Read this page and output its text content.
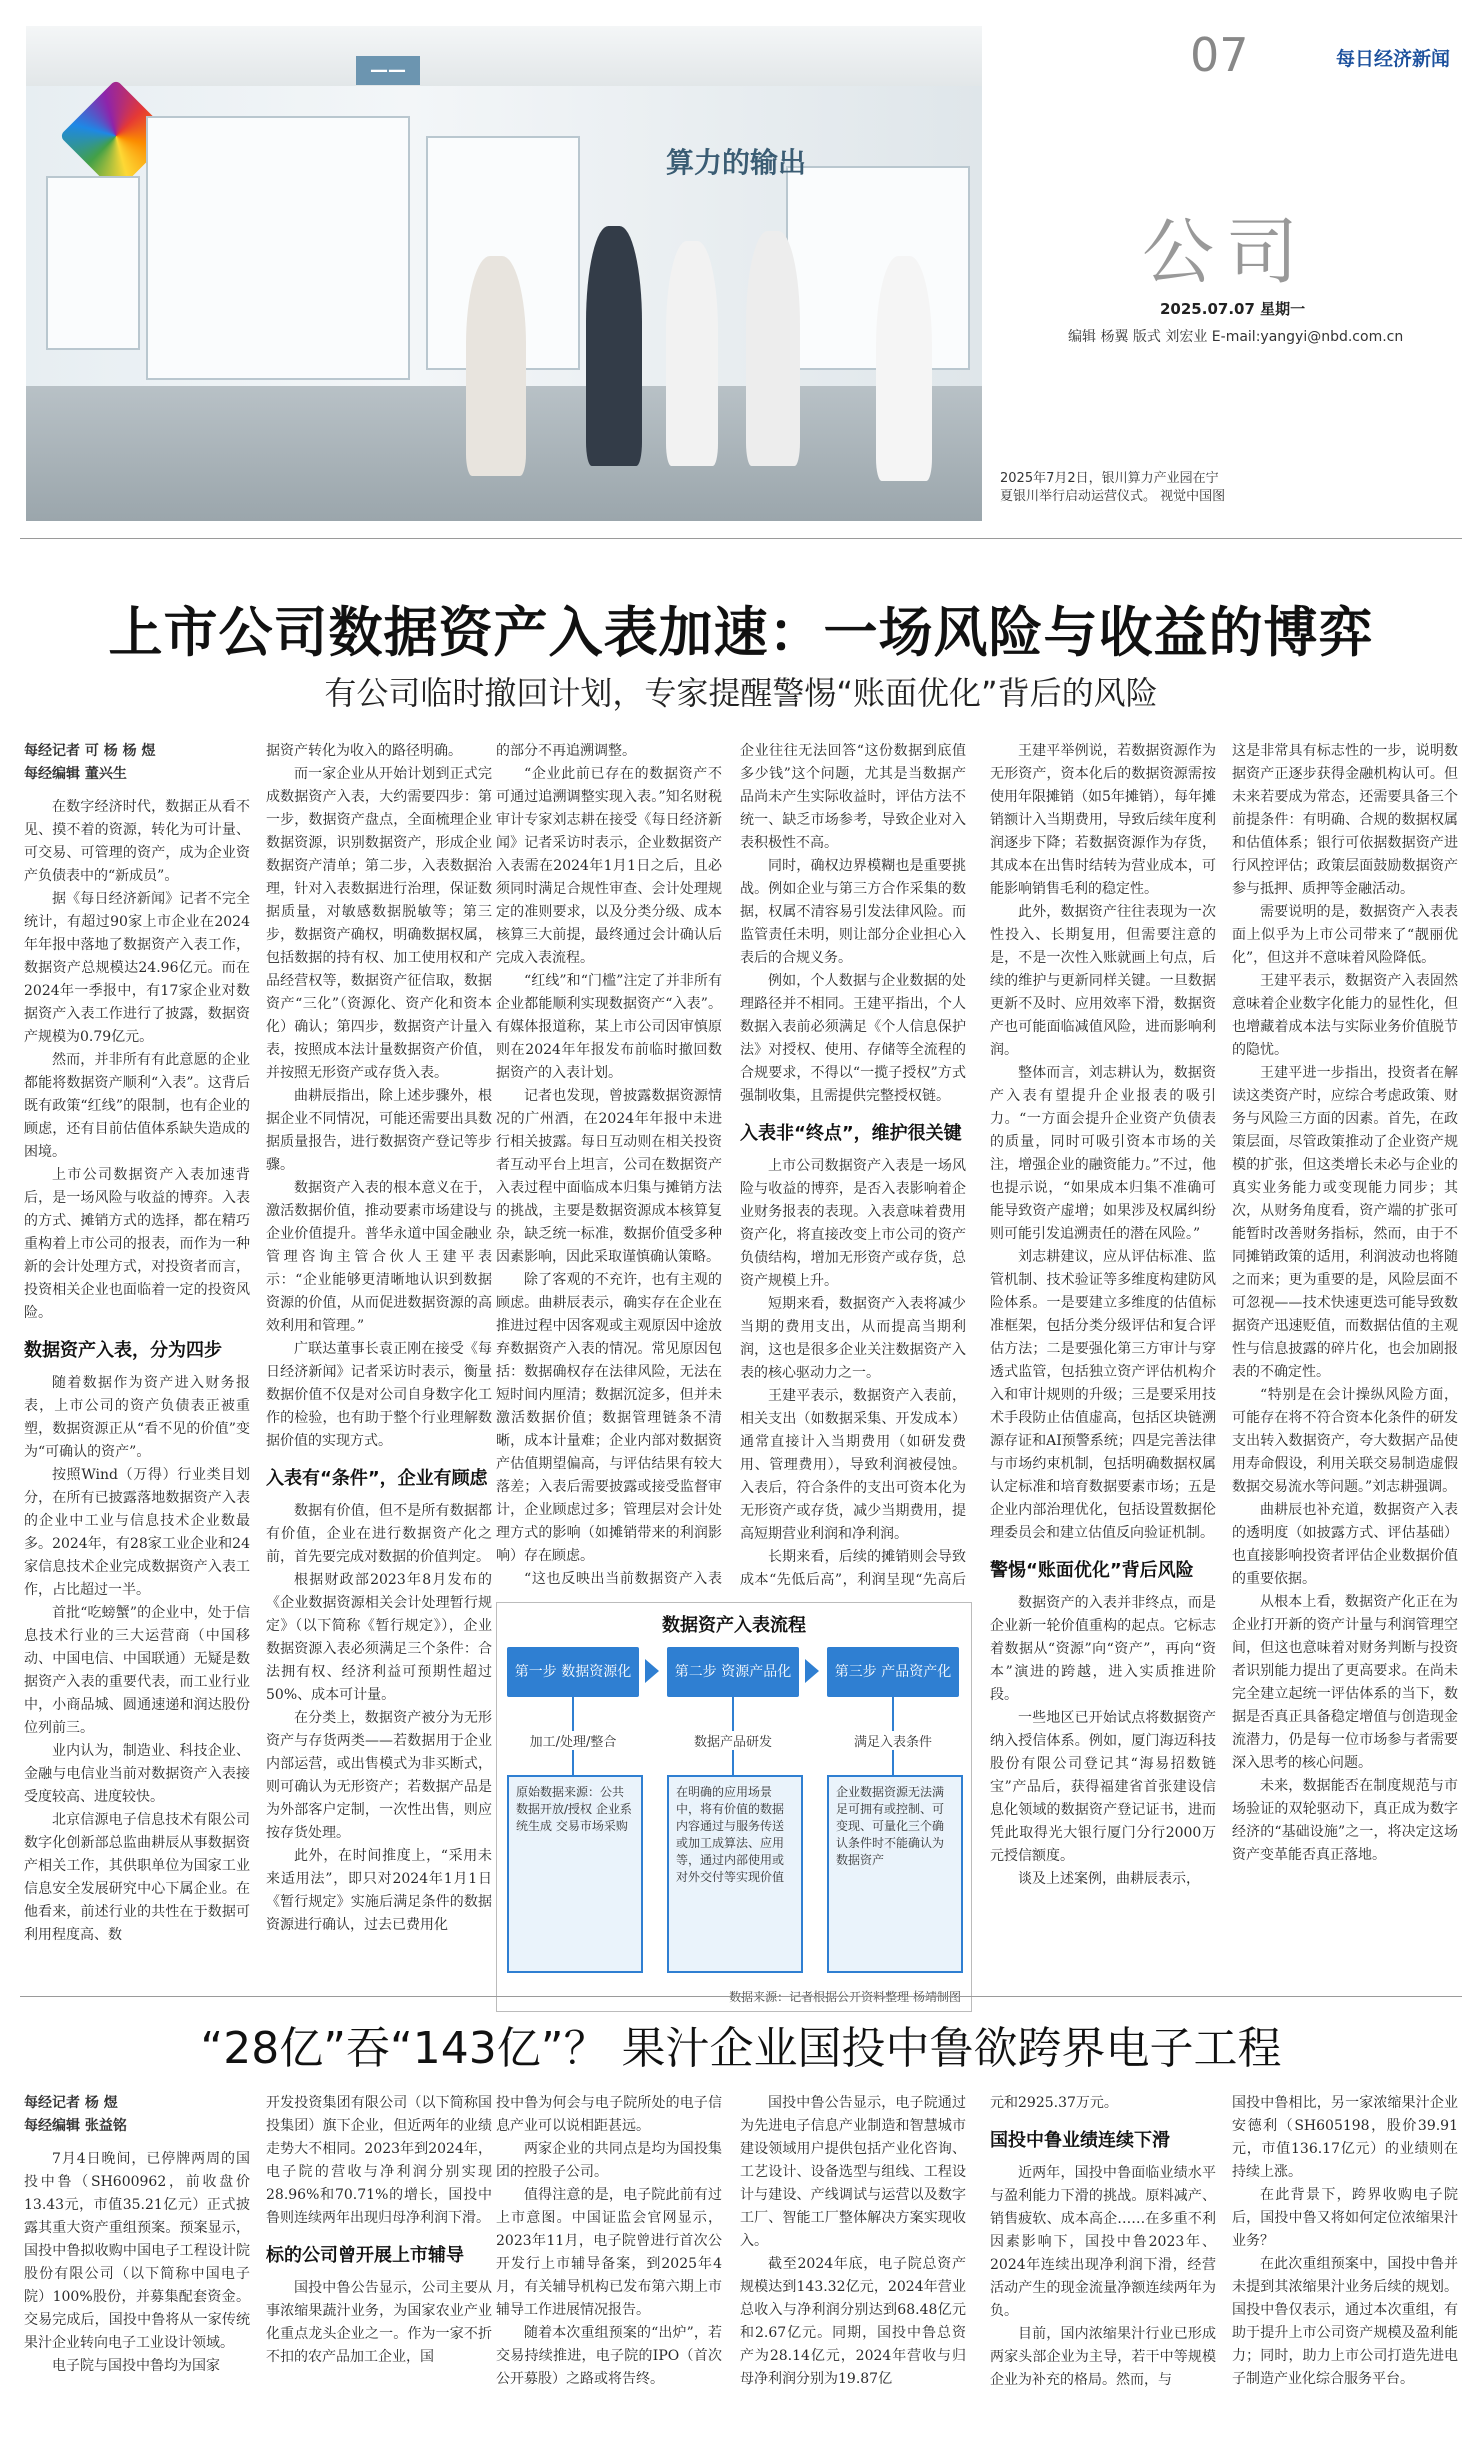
——
算力的输出
07	每日经济新闻
公司
2025.07.07 星期一
编辑 杨翼 版式 刘宏业 E-mail:yangyi@nbd.com.cn
2025年7月2日，银川算力产业园在宁夏银川举行启动运营仪式。 视觉中国图
上市公司数据资产入表加速：一场风险与收益的博弈
有公司临时撤回计划，专家提醒警惕“账面优化”背后的风险

每经记者 可 杨 杨 煜

每经编辑 董兴生

在数字经济时代，数据正从看不见、摸不着的资源，转化为可计量、可交易、可管理的资产，成为企业资产负债表中的“新成员”。

据《每日经济新闻》记者不完全统计，有超过90家上市企业在2024年年报中落地了数据资产入表工作，数据资产总规模达24.96亿元。而在2024年一季报中，有17家企业对数据资产入表工作进行了披露，数据资产规模为0.79亿元。

然而，并非所有有此意愿的企业都能将数据资产顺利“入表”。这背后既有政策“红线”的限制，也有企业的顾虑，还有目前估值体系缺失造成的困境。

上市公司数据资产入表加速背后，是一场风险与收益的博弈。入表的方式、摊销方式的选择，都在精巧重构着上市公司的报表，而作为一种新的会计处理方式，对投资者而言，投资相关企业也面临着一定的投资风险。

数据资产入表，分为四步

随着数据作为资产进入财务报表，上市公司的资产负债表正被重塑，数据资源正从“看不见的价值”变为“可确认的资产”。

按照Wind（万得）行业类目划分，在所有已披露落地数据资产入表的企业中工业与信息技术企业数最多。2024年，有28家工业企业和24家信息技术企业完成数据资产入表工作，占比超过一半。

首批“吃螃蟹”的企业中，处于信息技术行业的三大运营商（中国移动、中国电信、中国联通）无疑是数据资产入表的重要代表，而工业行业中，小商品城、圆通速递和润达股份位列前三。

业内认为，制造业、科技企业、金融与电信业当前对数据资产入表接受度较高、进度较快。

北京信源电子信息技术有限公司数字化创新部总监曲耕辰从事数据资产相关工作，其供职单位为国家工业信息安全发展研究中心下属企业。在他看来，前述行业的共性在于数据可利用程度高、数

据资产转化为收入的路径明确。

而一家企业从开始计划到正式完成数据资产入表，大约需要四步：第一步，数据资产盘点，全面梳理企业数据资源，识别数据资产，形成企业数据资产清单；第二步，入表数据治理，针对入表数据进行治理，保证数据质量，对敏感数据脱敏等；第三步，数据资产确权，明确数据权属，包括数据的持有权、加工使用权和产品经营权等，数据资产征信取，数据资产“三化”（资源化、资产化和资本化）确认；第四步，数据资产计量入表，按照成本法计量数据资产价值，并按照无形资产或存货入表。

曲耕辰指出，除上述步骤外，根据企业不同情况，可能还需要出具数据质量报告，进行数据资产登记等步骤。

数据资产入表的根本意义在于，激活数据价值，推动要素市场建设与企业价值提升。普华永道中国金融业管理咨询主管合伙人王建平表示：“企业能够更清晰地认识到数据资源的价值，从而促进数据资源的高效利用和管理。”

广联达董事长袁正刚在接受《每日经济新闻》记者采访时表示，衡量数据价值不仅是对公司自身数字化工作的检验，也有助于整个行业理解数据价值的实现方式。

入表有“条件”，企业有顾虑

数据有价值，但不是所有数据都有价值，企业在进行数据资产化之前，首先要完成对数据的价值判定。

根据财政部2023年8月发布的《企业数据资源相关会计处理暂行规定》（以下简称《暂行规定》），企业数据资源入表必须满足三个条件：合法拥有权、经济利益可预期性超过50%、成本可计量。

在分类上，数据资产被分为无形资产与存货两类——若数据用于企业内部运营，或出售模式为非买断式，则可确认为无形资产；若数据产品是为外部客户定制，一次性出售，则应按存货处理。

此外，在时间推度上，“采用未来适用法”，即只对2024年1月1日《暂行规定》实施后满足条件的数据资源进行确认，过去已费用化

的部分不再追溯调整。

“企业此前已存在的数据资产不可通过追溯调整实现入表。”知名财税审计专家刘志耕在接受《每日经济新闻》记者采访时表示，企业数据资产入表需在2024年1月1日之后，且必须同时满足合规性审查、会计处理规定的准则要求，以及分类分级、成本核算三大前提，最终通过会计确认后完成入表流程。

“红线”和“门槛”注定了并非所有企业都能顺利实现数据资产“入表”。有媒体报道称，某上市公司因审慎原则在2024年年报发布前临时撤回数据资产的入表计划。

记者也发现，曾披露数据资源情况的广州酒，在2024年年报中未进行相关披露。每日互动则在相关投资者互动平台上坦言，公司在数据资产入表过程中面临成本归集与摊销方法的挑战，主要是数据资源成本核算复杂，缺乏统一标准，数据价值受多种因素影响，因此采取谨慎确认策略。

除了客观的不充许，也有主观的顾虑。曲耕辰表示，确实存在企业在推进过程中因客观或主观原因中途放弃数据资产入表的情况。常见原因包括：数据确权存在法律风险，无法在短时间内厘清；数据沉淀多，但并未激活数据价值；数据管理链条不清晰，成本计量难；企业内部对数据资产估值期望偏高，与评估结果有较大落差；入表后需要披露或接受监督审计，企业顾虑过多；管理层对会计处理方式的影响（如摊销带来的利润影响）存在顾虑。

“这也反映出当前数据资产入表

企业往往无法回答“这份数据到底值多少钱”这个问题，尤其是当数据产品尚未产生实际收益时，评估方法不统一、缺乏市场参考，导致企业对入表积极性不高。

同时，确权边界模糊也是重要挑战。例如企业与第三方合作采集的数据，权属不清容易引发法律风险。而监管责任未明，则让部分企业担心入表后的合规义务。

例如，个人数据与企业数据的处理路径并不相同。王建平指出，个人数据入表前必须满足《个人信息保护法》对授权、使用、存储等全流程的合规要求，不得以“一揽子授权”方式强制收集，且需提供完整授权链。

入表非“终点”，维护很关键

上市公司数据资产入表是一场风险与收益的博弈，是否入表影响着企业财务报表的表现。入表意味着费用资产化，将直接改变上市公司的资产负债结构，增加无形资产或存货，总资产规模上升。

短期来看，数据资产入表将减少当期的费用支出，从而提高当期利润，这也是很多企业关注数据资产入表的核心驱动力之一。

王建平表示，数据资产入表前，相关支出（如数据采集、开发成本）通常直接计入当期费用（如研发费用、管理费用），导致利润被侵蚀。入表后，符合条件的支出可资本化为无形资产或存货，减少当期费用，提高短期营业利润和净利润。

长期来看，后续的摊销则会导致成本“先低后高”，利润呈现“先高后

王建平举例说，若数据资源作为无形资产，资本化后的数据资源需按使用年限摊销（如5年摊销），每年摊销额计入当期费用，导致后续年度利润逐步下降；若数据资源作为存货，其成本在出售时结转为营业成本，可能影响销售毛利的稳定性。

此外，数据资产往往表现为一次性投入、长期复用，但需要注意的是，不是一次性入账就画上句点，后续的维护与更新同样关键。一旦数据更新不及时、应用效率下滑，数据资产也可能面临减值风险，进而影响利润。

整体而言，刘志耕认为，数据资产入表有望提升企业报表的吸引力。“一方面会提升企业资产负债表的质量，同时可吸引资本市场的关注，增强企业的融资能力。”不过，他也提示说，“如果成本归集不准确可能导致资产虚增；如果涉及权属纠纷则可能引发追溯责任的潜在风险。”

刘志耕建议，应从评估标准、监管机制、技术验证等多维度构建防风险体系。一是要建立多维度的估值标准框架，包括分类分级评估和复合评估方法；二是要强化第三方审计与穿透式监管，包括独立资产评估机构介入和审计规则的升级；三是要采用技术手段防止估值虚高，包括区块链溯源存证和AI预警系统；四是完善法律与市场约束机制，包括明确数据权属认定标准和培育数据要素市场；五是企业内部治理优化，包括设置数据伦理委员会和建立估值反向验证机制。

警惕“账面优化”背后风险

数据资产的入表并非终点，而是企业新一轮价值重构的起点。它标志着数据从“资源”向“资产”，再向“资本”演进的跨越，进入实质推进阶段。

一些地区已开始试点将数据资产纳入授信体系。例如，厦门海迈科技股份有限公司登记其“海易招数链宝”产品后，获得福建省首张建设信息化领域的数据资产登记证书，进而凭此取得光大银行厦门分行2000万元授信额度。

谈及上述案例，曲耕辰表示，

这是非常具有标志性的一步，说明数据资产正逐步获得金融机构认可。但未来若要成为常态，还需要具备三个前提条件：有明确、合规的数据权属和估值体系；银行可依据数据资产进行风控评估；政策层面鼓励数据资产参与抵押、质押等金融活动。

需要说明的是，数据资产入表表面上似乎为上市公司带来了“靓丽优化”，但这并不意味着风险降低。

王建平表示，数据资产入表固然意味着企业数字化能力的显性化，但也增藏着成本法与实际业务价值脱节的隐忧。

王建平进一步指出，投资者在解读这类资产时，应综合考虑政策、财务与风险三方面的因素。首先，在政策层面，尽管政策推动了企业资产规模的扩张，但这类增长未必与企业的真实业务能力或变现能力同步；其次，从财务角度看，资产端的扩张可能暂时改善财务指标，然而，由于不同摊销政策的适用，利润波动也将随之而来；更为重要的是，风险层面不可忽视——技术快速更迭可能导致数据资产迅速贬值，而数据估值的主观性与信息披露的碎片化，也会加剧报表的不确定性。

“特别是在会计操纵风险方面，可能存在将不符合资本化条件的研发支出转入数据资产，夸大数据产品使用寿命假设，利用关联交易制造虚假数据交易流水等问题。”刘志耕强调。

曲耕辰也补充道，数据资产入表的透明度（如披露方式、评估基础）也直接影响投资者评估企业数据价值的重要依据。

从根本上看，数据资产化正在为企业打开新的资产计量与利润管理空间，但这也意味着对财务判断与投资者识别能力提出了更高要求。在尚未完全建立起统一评估体系的当下，数据是否真正具备稳定增值与创造现金流潜力，仍是每一位市场参与者需要深入思考的核心问题。

未来，数据能否在制度规范与市场验证的双轮驱动下，真正成为数字经济的“基础设施”之一，将决定这场资产变革能否真正落地。

数据资产入表流程
第一步 数据资源化	第二步 资源产品化	第三步 产品资产化
加工/处理/整合	数据产品研发	满足入表条件
原始数据来源：公共数据开放/授权 企业系统生成 交易市场采购
在明确的应用场景中，将有价值的数据内容通过与服务传送或加工成算法、应用等，通过内部使用或对外交付等实现价值
企业数据资源无法满足可拥有或控制、可变现、可量化三个确认条件时不能确认为数据资产
数据来源：记者根据公开资料整理 杨靖制图
“28亿”吞“143亿”？ 果汁企业国投中鲁欲跨界电子工程

每经记者 杨 煜

每经编辑 张益铭

7月4日晚间，已停牌两周的国投中鲁（SH600962，前收盘价13.43元，市值35.21亿元）正式披露其重大资产重组预案。预案显示，国投中鲁拟收购中国电子工程设计院股份有限公司（以下简称中国电子院）100%股份，并募集配套资金。交易完成后，国投中鲁将从一家传统果汁企业转向电子工业设计领域。

电子院与国投中鲁均为国家

开发投资集团有限公司（以下简称国投集团）旗下企业，但近两年的业绩走势大不相同。2023年到2024年，电子院的营收与净利润分别实现28.96%和70.71%的增长，国投中鲁则连续两年出现归母净利润下滑。

标的公司曾开展上市辅导

国投中鲁公告显示，公司主要从事浓缩果蔬汁业务，为国家农业产业化重点龙头企业之一。作为一家不折不扣的农产品加工企业，国

投中鲁为何会与电子院所处的电子信息产业可以说相距甚远。

两家企业的共同点是均为国投集团的控股子公司。

值得注意的是，电子院此前有过上市意图。中国证监会官网显示，2023年11月，电子院曾进行首次公开发行上市辅导备案，到2025年4月，有关辅导机构已发布第六期上市辅导工作进展情况报告。

随着本次重组预案的“出炉”，若交易持续推进，电子院的IPO（首次公开募股）之路或将告终。

国投中鲁公告显示，电子院通过为先进电子信息产业制造和智慧城市建设领域用户提供包括产业化咨询、工艺设计、设备选型与组线、工程设计与建设、产线调试与运营以及数字工厂、智能工厂整体解决方案实现收入。

截至2024年底，电子院总资产规模达到143.32亿元，2024年营业总收入与净利润分别达到68.48亿元和2.67亿元。同期，国投中鲁总资产为28.14亿元，2024年营收与归母净利润分别为19.87亿

元和2925.37万元。

国投中鲁业绩连续下滑

近两年，国投中鲁面临业绩水平与盈利能力下滑的挑战。原料减产、销售疲软、成本高企……在多重不利因素影响下，国投中鲁2023年、2024年连续出现净利润下滑，经营活动产生的现金流量净额连续两年为负。

目前，国内浓缩果汁行业已形成两家头部企业为主导，若干中等规模企业为补充的格局。然而，与

国投中鲁相比，另一家浓缩果汁企业安德利（SH605198，股价39.91元，市值136.17亿元）的业绩则在持续上涨。

在此背景下，跨界收购电子院后，国投中鲁又将如何定位浓缩果汁业务？

在此次重组预案中，国投中鲁并未提到其浓缩果汁业务后续的规划。国投中鲁仅表示，通过本次重组，有助于提升上市公司资产规模及盈利能力；同时，助力上市公司打造先进电子制造产业化综合服务平台。
